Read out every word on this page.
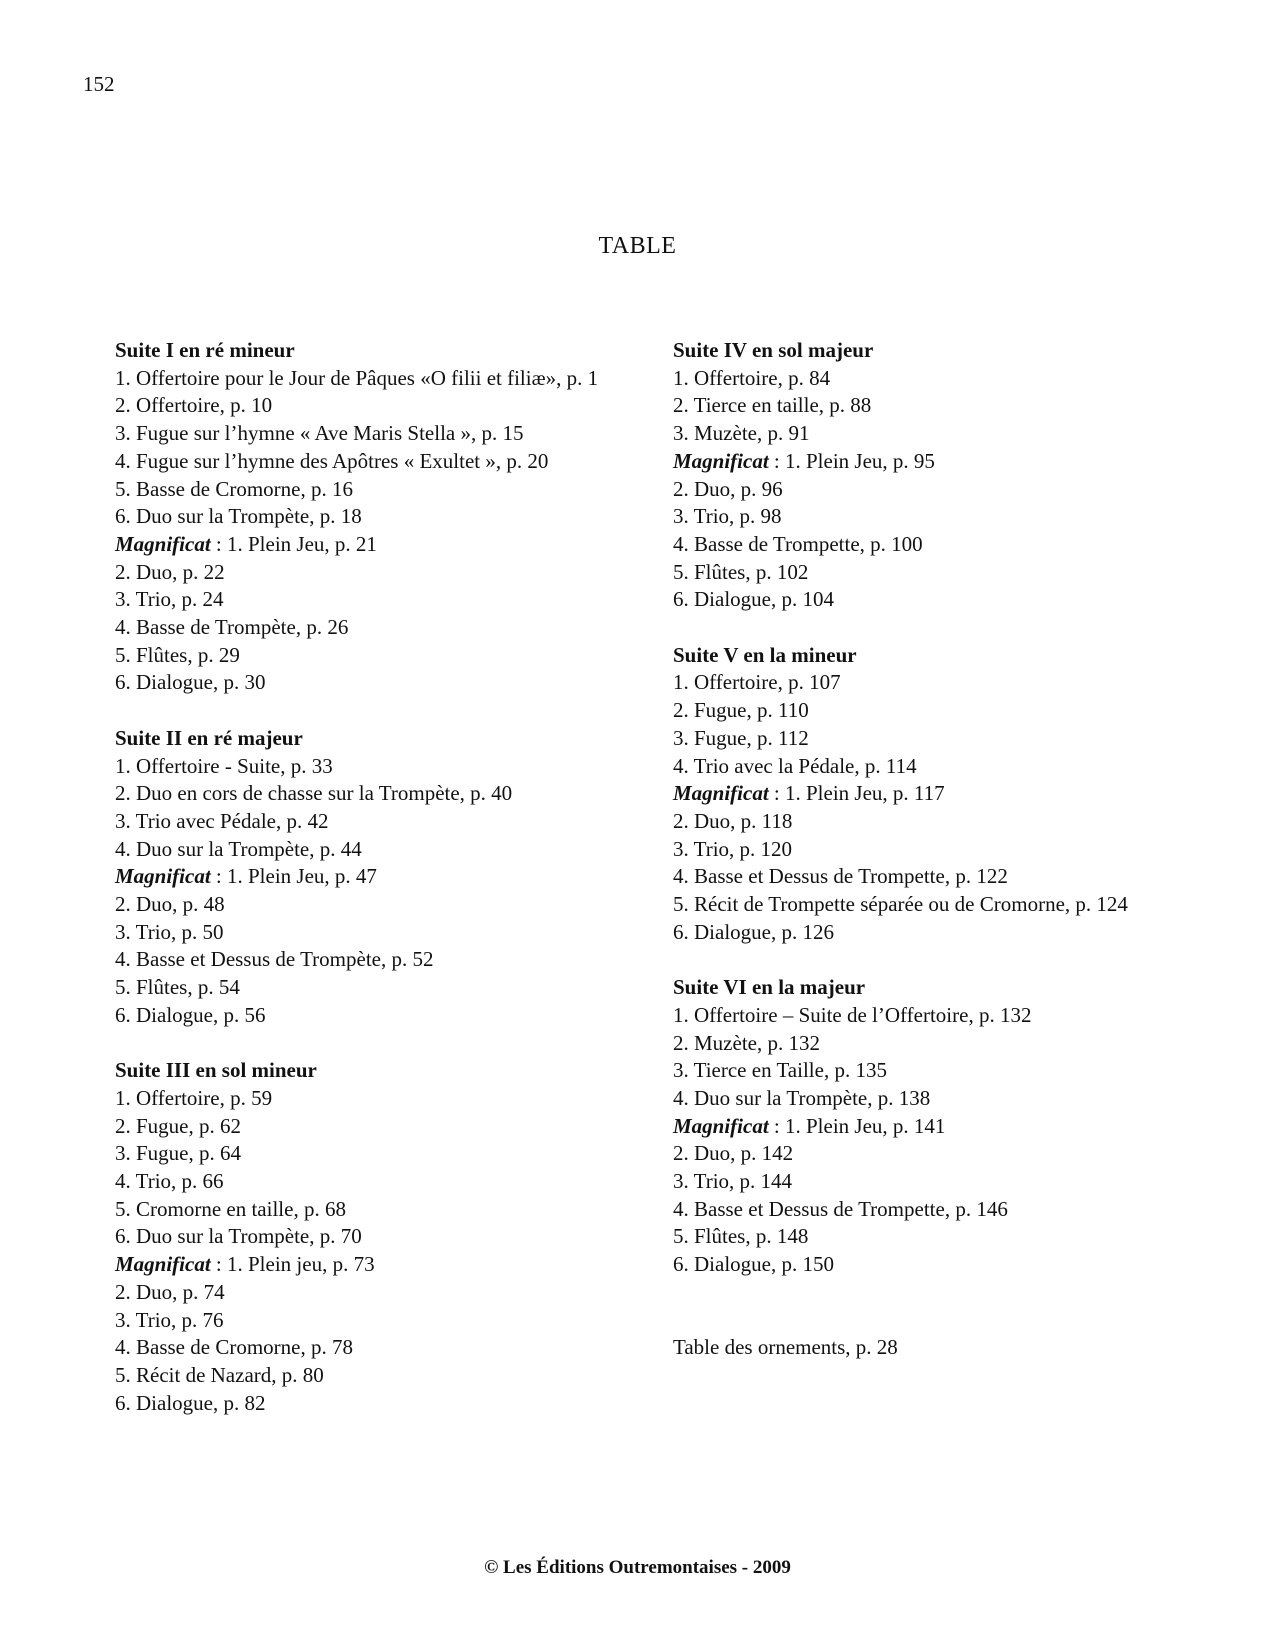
152
TABLE
Suite I en ré mineur
1. Offertoire pour le Jour de Pâques «O filii et filiæ», p. 1
2. Offertoire, p. 10
3. Fugue sur l’hymne « Ave Maris Stella », p. 15
4. Fugue sur l’hymne des Apôtres « Exultet », p. 20
5. Basse de Cromorne, p. 16
6. Duo sur la Trompète, p. 18
Magnificat : 1. Plein Jeu, p. 21
2. Duo, p. 22
3. Trio, p. 24
4. Basse de Trompète, p. 26
5. Flûtes, p. 29
6. Dialogue, p. 30
Suite II en ré majeur
1. Offertoire - Suite, p. 33
2. Duo en cors de chasse sur la Trompète, p. 40
3. Trio avec Pédale, p. 42
4. Duo sur la Trompète, p. 44
Magnificat : 1. Plein Jeu, p. 47
2. Duo, p. 48
3. Trio, p. 50
4. Basse et Dessus de Trompète, p. 52
5. Flûtes, p. 54
6. Dialogue, p. 56
Suite III en sol mineur
1. Offertoire, p. 59
2. Fugue, p. 62
3. Fugue, p. 64
4. Trio, p. 66
5. Cromorne en taille, p. 68
6. Duo sur la Trompète, p. 70
Magnificat : 1. Plein jeu, p. 73
2. Duo, p. 74
3. Trio, p. 76
4. Basse de Cromorne, p. 78
5. Récit de Nazard, p. 80
6. Dialogue, p. 82
Suite IV en sol majeur
1. Offertoire, p. 84
2. Tierce en taille, p. 88
3. Muzète, p. 91
Magnificat : 1. Plein Jeu, p. 95
2. Duo, p. 96
3. Trio, p. 98
4. Basse de Trompette, p. 100
5. Flûtes, p. 102
6. Dialogue, p. 104
Suite V en la mineur
1. Offertoire, p. 107
2. Fugue, p. 110
3. Fugue, p. 112
4. Trio avec la Pédale, p. 114
Magnificat : 1. Plein Jeu, p. 117
2. Duo, p. 118
3. Trio, p. 120
4. Basse et Dessus de Trompette, p. 122
5. Récit de Trompette séparée ou de Cromorne, p. 124
6. Dialogue, p. 126
Suite VI en la majeur
1. Offertoire – Suite de l’Offertoire, p. 132
2. Muzète, p. 132
3. Tierce en Taille, p. 135
4. Duo sur la Trompète, p. 138
Magnificat : 1. Plein Jeu, p. 141
2. Duo, p. 142
3. Trio, p. 144
4. Basse et Dessus de Trompette, p. 146
5. Flûtes, p. 148
6. Dialogue, p. 150
Table des ornements, p. 28
© Les Éditions Outremontaises - 2009
